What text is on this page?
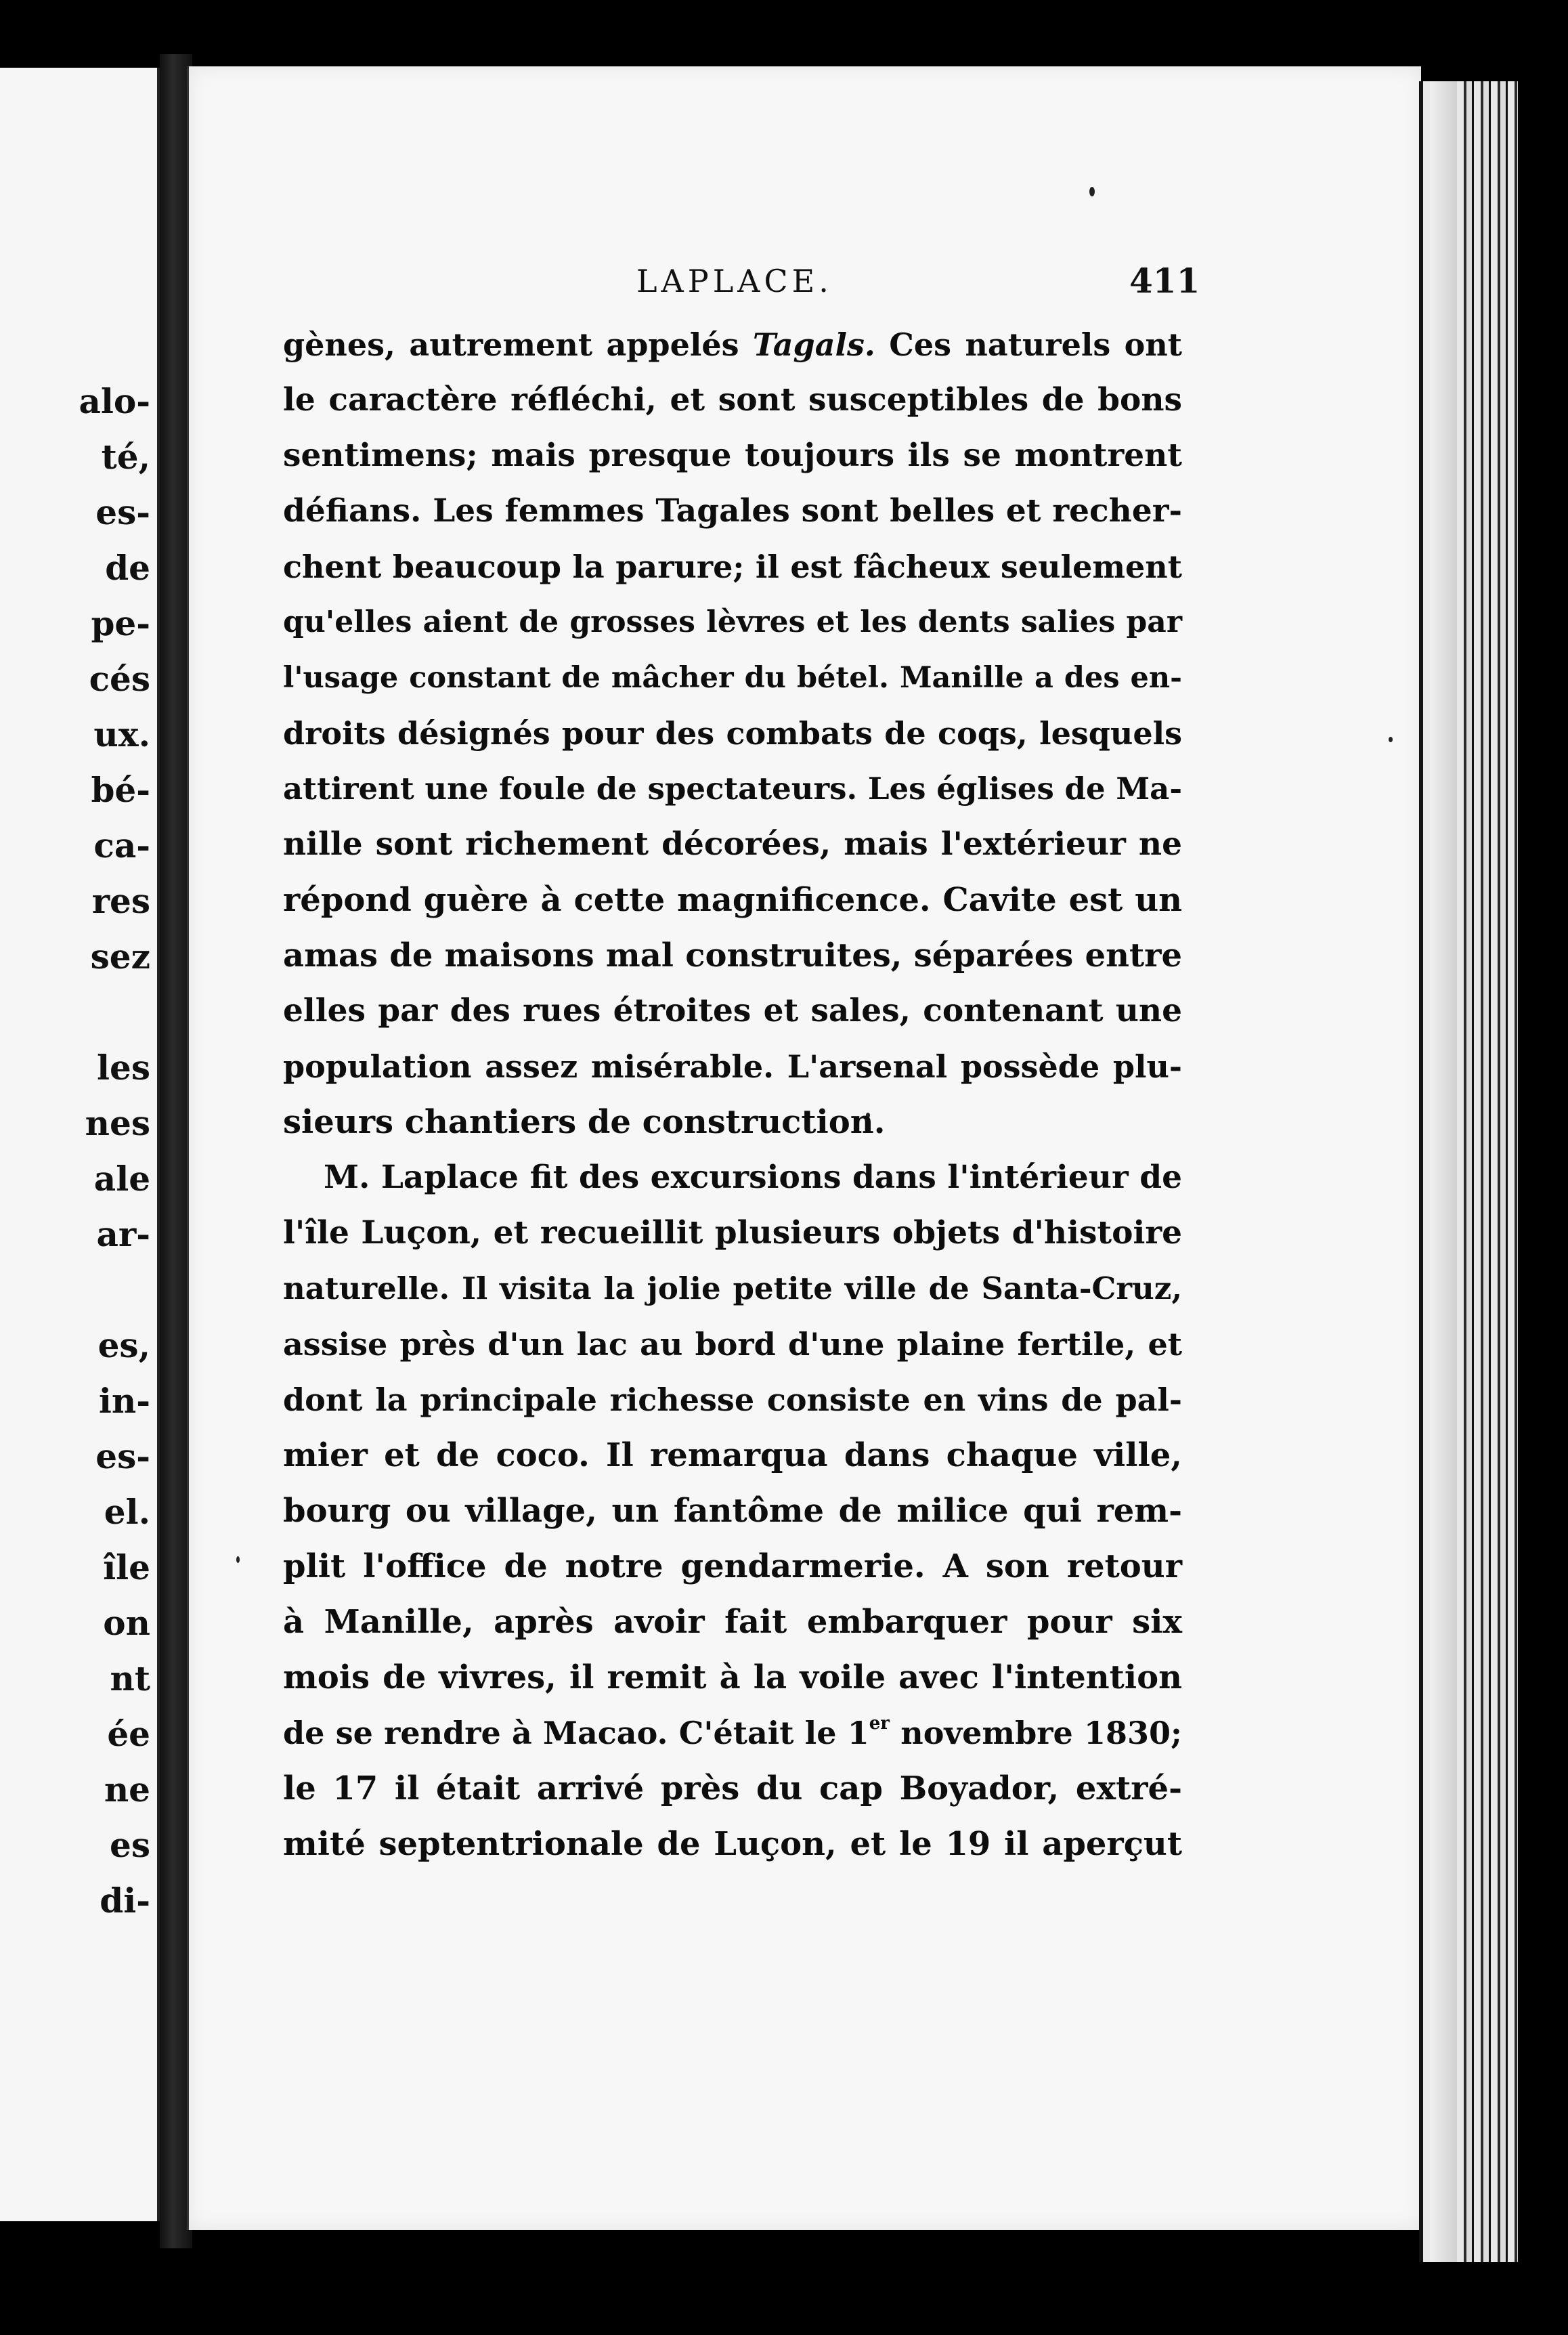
alo-
té,
es-
de
pe-
cés
ux.
bé-
ca-
res
sez
les
nes
ale
ar-
es,
in-
es-
el.
île
on
nt
ée
ne
es
di-
LAPLACE.	411
gènes, autrement appelés Tagals. Ces naturels ont
le caractère réfléchi, et sont susceptibles de bons
sentimens; mais presque toujours ils se montrent
défians. Les femmes Tagales sont belles et recher-
chent beaucoup la parure; il est fâcheux seulement
qu'elles aient de grosses lèvres et les dents salies par
l'usage constant de mâcher du bétel. Manille a des en-
droits désignés pour des combats de coqs, lesquels
attirent une foule de spectateurs. Les églises de Ma-
nille sont richement décorées, mais l'extérieur ne
répond guère à cette magnificence. Cavite est un
amas de maisons mal construites, séparées entre
elles par des rues étroites et sales, contenant une
population assez misérable. L'arsenal possède plu-
sieurs chantiers de construction.
M. Laplace fit des excursions dans l'intérieur de
l'île Luçon, et recueillit plusieurs objets d'histoire
naturelle. Il visita la jolie petite ville de Santa-Cruz,
assise près d'un lac au bord d'une plaine fertile, et
dont la principale richesse consiste en vins de pal-
mier et de coco. Il remarqua dans chaque ville,
bourg ou village, un fantôme de milice qui rem-
plit l'office de notre gendarmerie. A son retour
à Manille, après avoir fait embarquer pour six
mois de vivres, il remit à la voile avec l'intention
de se rendre à Macao. C'était le 1er novembre 1830;
le 17 il était arrivé près du cap Boyador, extré-
mité septentrionale de Luçon, et le 19 il aperçut
